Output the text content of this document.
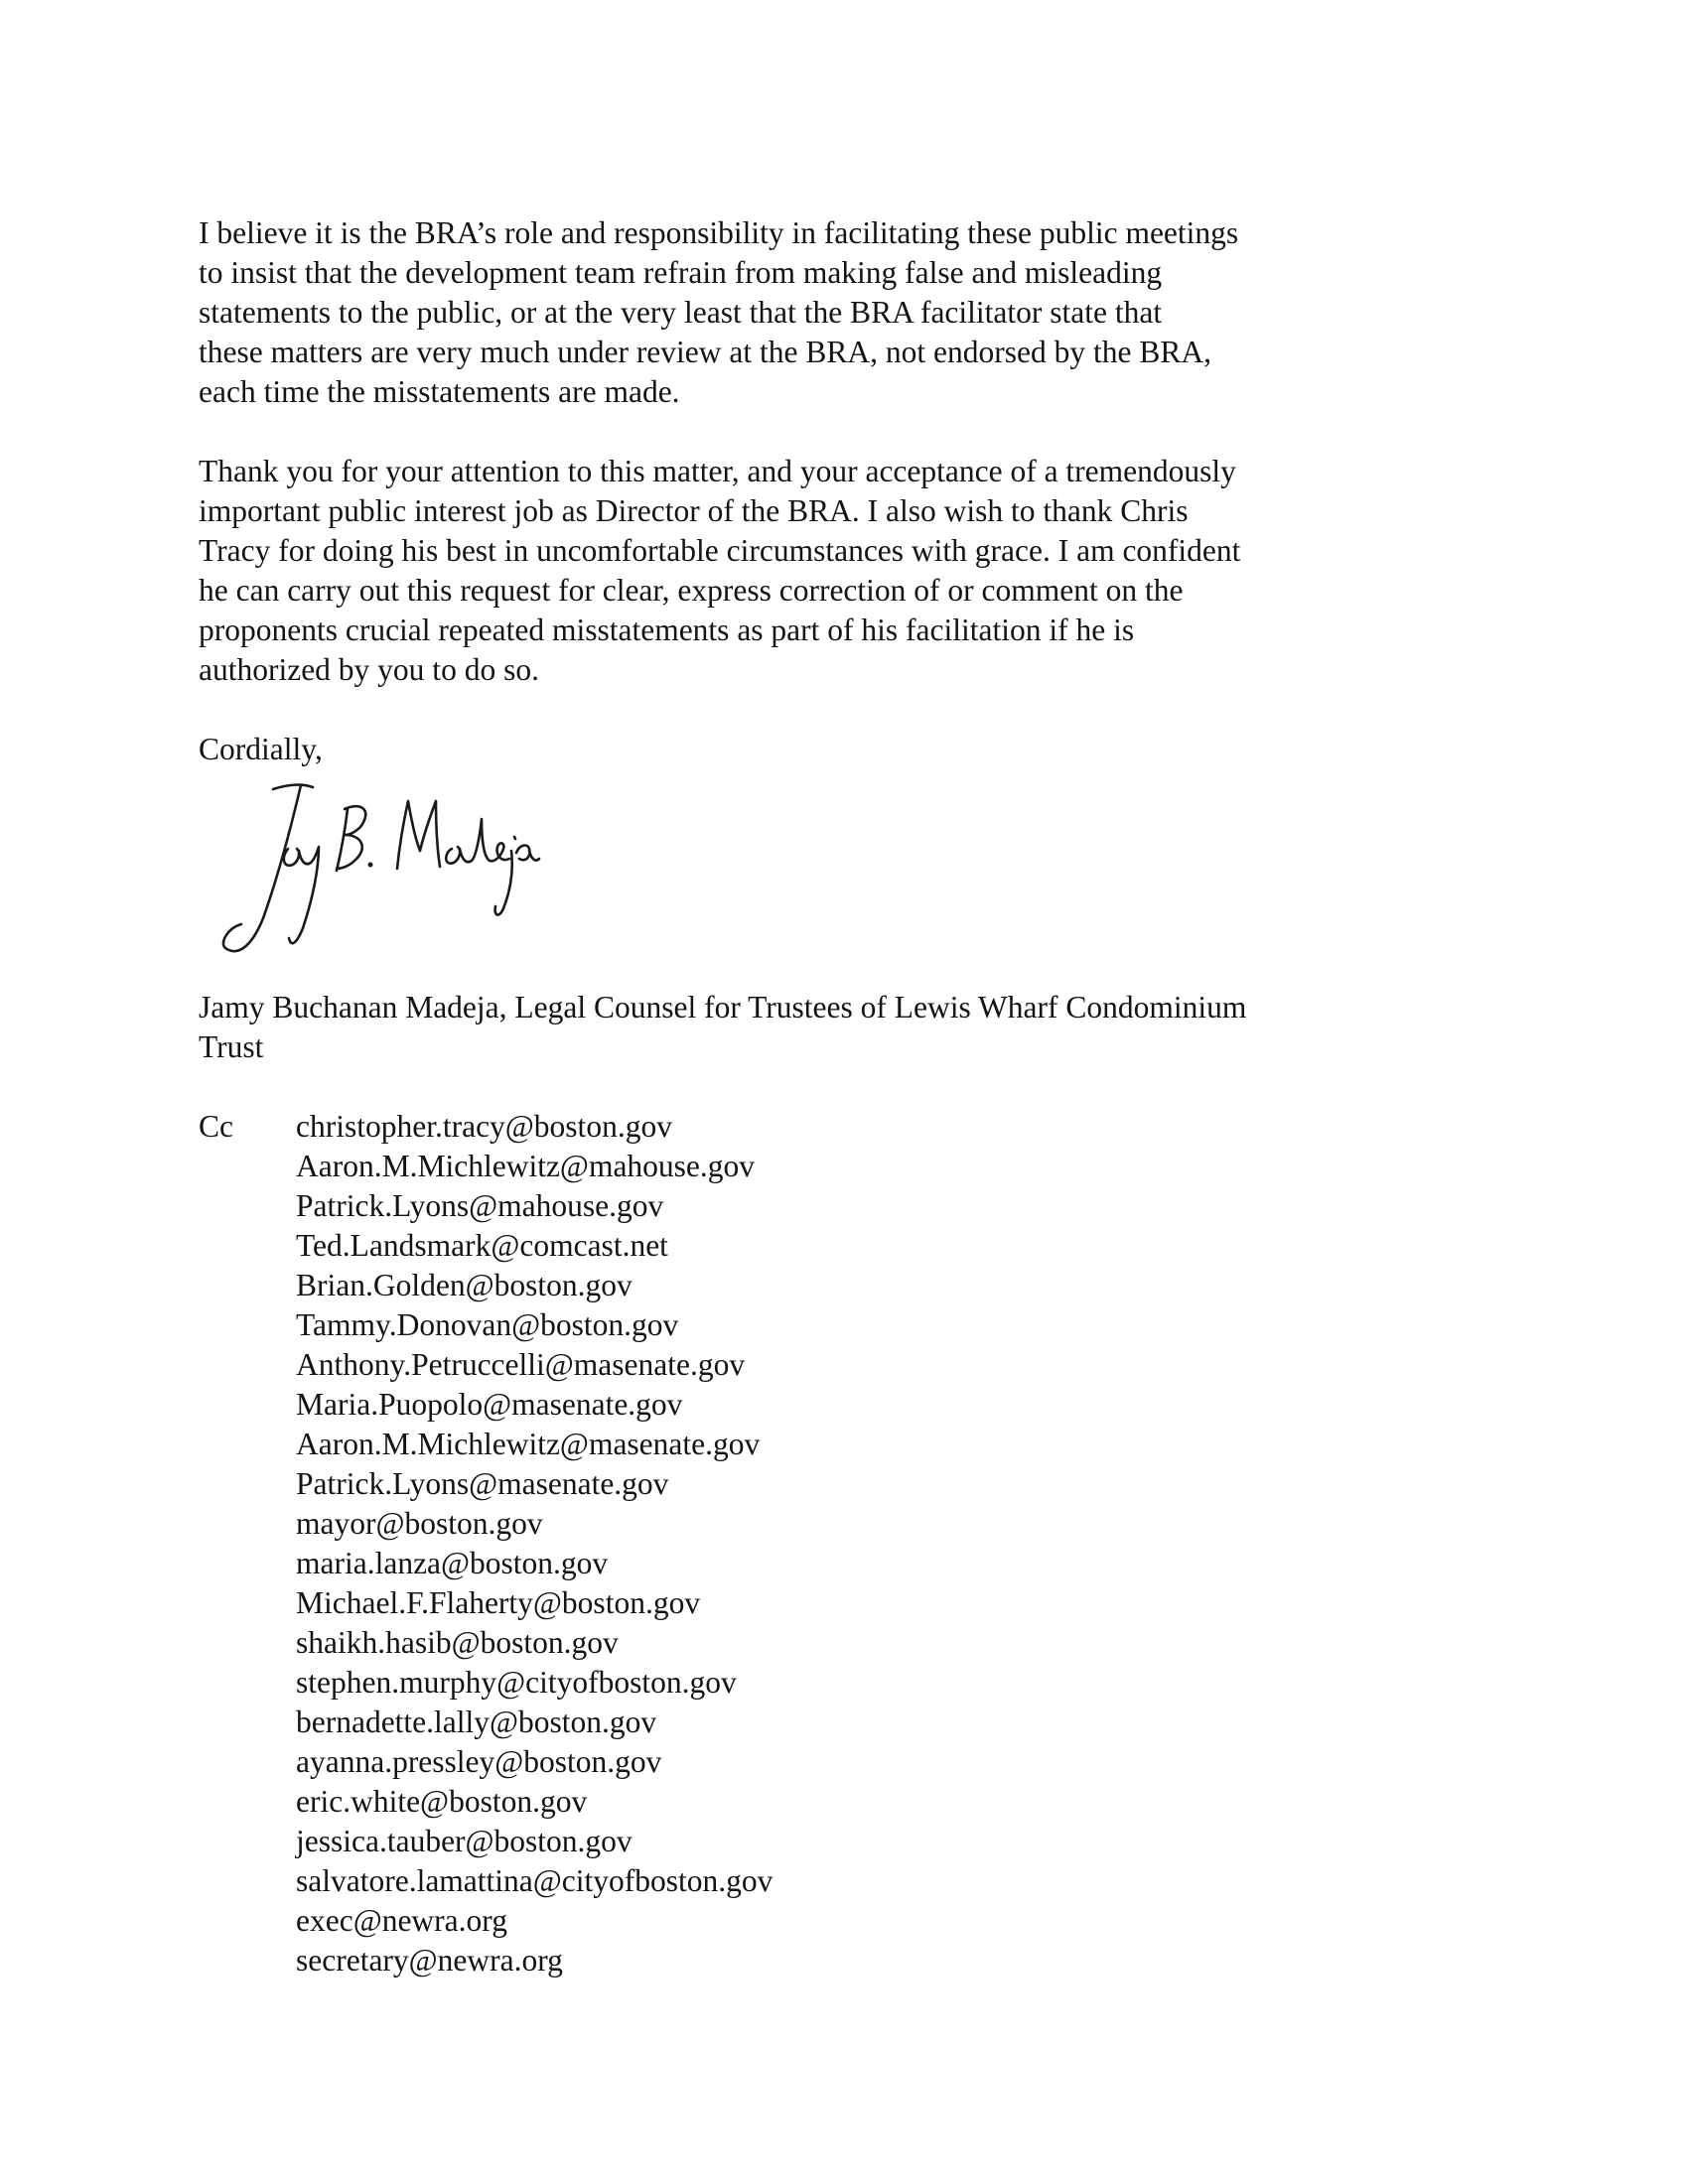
I believe it is the BRA’s role and responsibility in facilitating these public meetings
to insist that the development team refrain from making false and misleading
statements to the public, or at the very least that the BRA facilitator state that
these matters are very much under review at the BRA, not endorsed by the BRA,
each time the misstatements are made.
Thank you for your attention to this matter, and your acceptance of a tremendously
important public interest job as Director of the BRA. I also wish to thank Chris
Tracy for doing his best in uncomfortable circumstances with grace. I am confident
he can carry out this request for clear, express correction of or comment on the
proponents crucial repeated misstatements as part of his facilitation if he is
authorized by you to do so.
Cordially,
Jamy Buchanan Madeja, Legal Counsel for Trustees of Lewis Wharf Condominium
Trust
Cc christopher.tracy@boston.gov
Aaron.M.Michlewitz@mahouse.gov
Patrick.Lyons@mahouse.gov
Ted.Landsmark@comcast.net
Brian.Golden@boston.gov
Tammy.Donovan@boston.gov
Anthony.Petruccelli@masenate.gov
Maria.Puopolo@masenate.gov
Aaron.M.Michlewitz@masenate.gov
Patrick.Lyons@masenate.gov
mayor@boston.gov
maria.lanza@boston.gov
Michael.F.Flaherty@boston.gov
shaikh.hasib@boston.gov
stephen.murphy@cityofboston.gov
bernadette.lally@boston.gov
ayanna.pressley@boston.gov
eric.white@boston.gov
jessica.tauber@boston.gov
salvatore.lamattina@cityofboston.gov
exec@newra.org
secretary@newra.org
